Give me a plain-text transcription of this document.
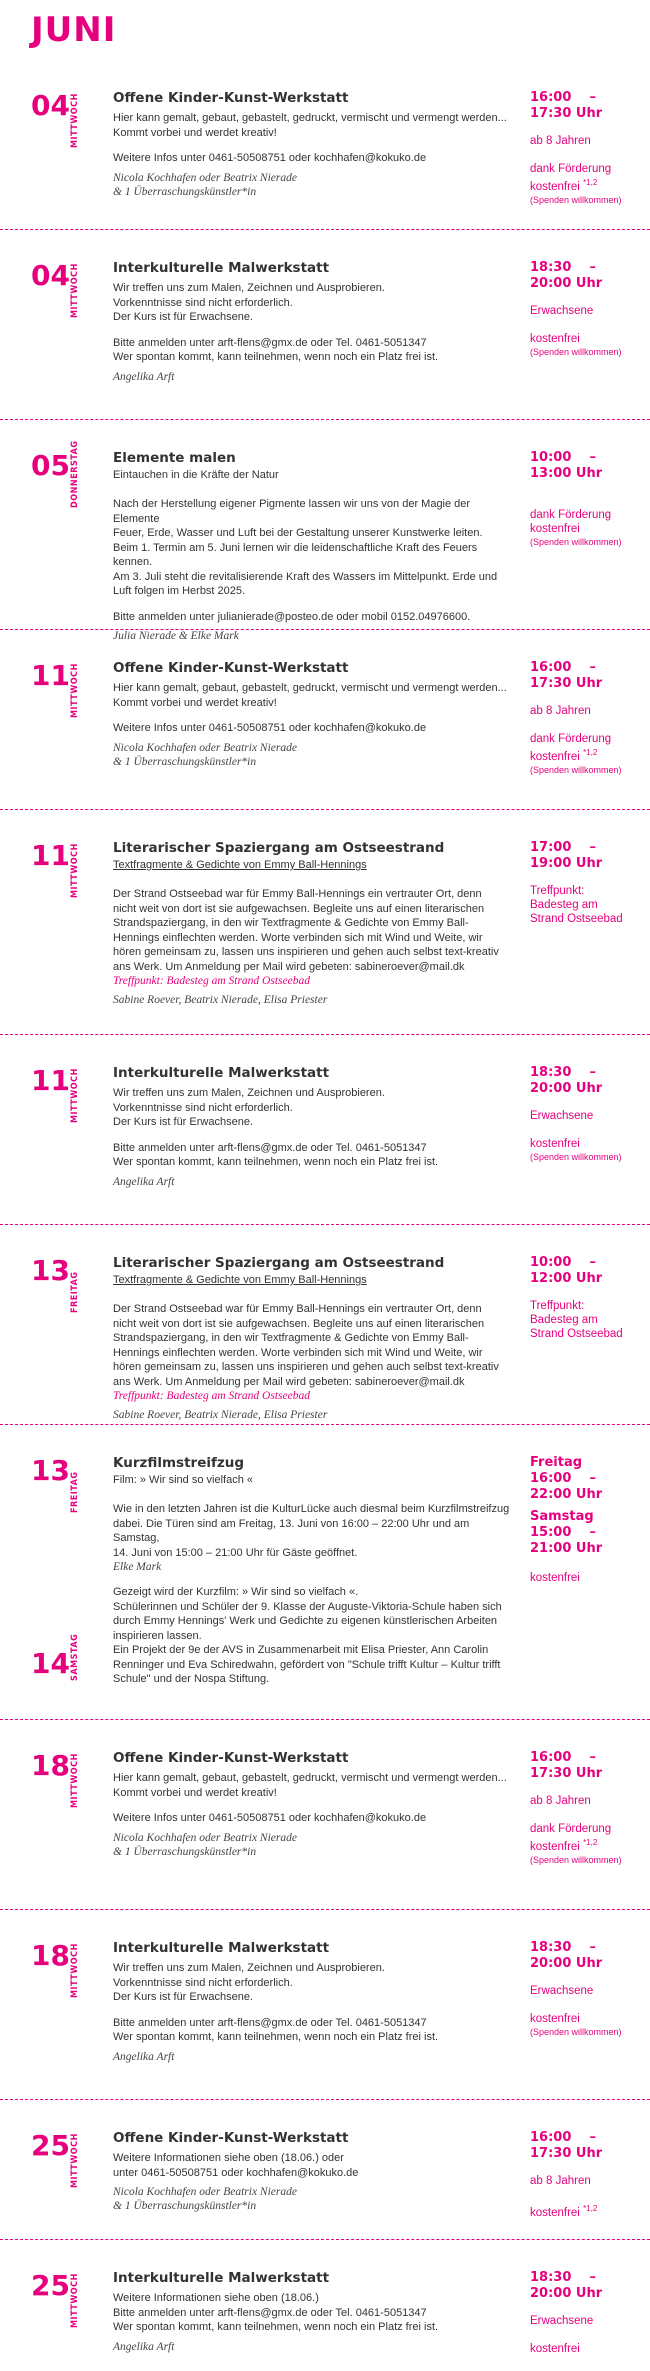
JUNI
04 MITTWOCH Offene Kinder-Kunst-Werkstatt
Hier kann gemalt, gebaut, gebastelt, gedruckt, vermischt und vermengt werden...
Kommt vorbei und werdet kreativ!
Weitere Infos unter 0461-50508751 oder kochhafen@kokuko.de
Nicola Kochhafen oder Beatrix Nierade
& 1 Überraschungskünstler*in
16:00    –
17:30 Uhr
ab 8 Jahren
dank Förderung
kostenfrei $^{*1,2}$
(Spenden willkommen)
04 MITTWOCH Interkulturelle Malwerkstatt
Wir treffen uns zum Malen, Zeichnen und Ausprobieren.
Vorkenntnisse sind nicht erforderlich.
Der Kurs ist für Erwachsene.
Bitte anmelden unter arft-flens@gmx.de oder Tel. 0461-5051347
Wer spontan kommt, kann teilnehmen, wenn noch ein Platz frei ist.
Angelika Arft
18:30    –
20:00 Uhr
Erwachsene
kostenfrei
(Spenden willkommen)
05 DONNERSTAG Elemente malen
Eintauchen in die Kräfte der Natur
Nach der Herstellung eigener Pigmente lassen wir uns von der Magie der Elemente
Feuer, Erde, Wasser und Luft bei der Gestaltung unserer Kunstwerke leiten.
Beim 1. Termin am 5. Juni lernen wir die leidenschaftliche Kraft des Feuers kennen.
Am 3. Juli steht die revitalisierende Kraft des Wassers im Mittelpunkt. Erde und
Luft folgen im Herbst 2025.
Bitte anmelden unter julianierade@posteo.de oder mobil 0152.04976600.
Julia Nierade & Elke Mark
10:00    –
13:00 Uhr
dank Förderung
kostenfrei
(Spenden willkommen)
11 MITTWOCH Offene Kinder-Kunst-Werkstatt
Hier kann gemalt, gebaut, gebastelt, gedruckt, vermischt und vermengt werden...
Kommt vorbei und werdet kreativ!
Weitere Infos unter 0461-50508751 oder kochhafen@kokuko.de
Nicola Kochhafen oder Beatrix Nierade
& 1 Überraschungskünstler*in
16:00    –
17:30 Uhr
ab 8 Jahren
dank Förderung
kostenfrei $^{*1,2}$
(Spenden willkommen)
11 MITTWOCH Literarischer Spaziergang am Ostseestrand
Textfragmente & Gedichte von Emmy Ball-Hennings
Der Strand Ostseebad war für Emmy Ball-Hennings ein vertrauter Ort, denn
nicht weit von dort ist sie aufgewachsen. Begleite uns auf einen literarischen
Strandspaziergang, in den wir Textfragmente & Gedichte von Emmy Ball-
Hennings einflechten werden. Worte verbinden sich mit Wind und Weite, wir
hören gemeinsam zu, lassen uns inspirieren und gehen auch selbst text-kreativ
ans Werk. Um Anmeldung per Mail wird gebeten: sabineroever@mail.dk
Treffpunkt: Badesteg am Strand Ostseebad
Sabine Roever, Beatrix Nierade, Elisa Priester
17:00    –
19:00 Uhr
Treffpunkt:
Badesteg am
Strand Ostseebad
11 MITTWOCH Interkulturelle Malwerkstatt
Wir treffen uns zum Malen, Zeichnen und Ausprobieren.
Vorkenntnisse sind nicht erforderlich.
Der Kurs ist für Erwachsene.
Bitte anmelden unter arft-flens@gmx.de oder Tel. 0461-5051347
Wer spontan kommt, kann teilnehmen, wenn noch ein Platz frei ist.
Angelika Arft
18:30    –
20:00 Uhr
Erwachsene
kostenfrei
(Spenden willkommen)
13
FREITAG
Literarischer Spaziergang am Ostseestrand
Textfragmente & Gedichte von Emmy Ball-Hennings
Der Strand Ostseebad war für Emmy Ball-Hennings ein vertrauter Ort, denn
nicht weit von dort ist sie aufgewachsen. Begleite uns auf einen literarischen
Strandspaziergang, in den wir Textfragmente & Gedichte von Emmy Ball-
Hennings einflechten werden. Worte verbinden sich mit Wind und Weite, wir
hören gemeinsam zu, lassen uns inspirieren und gehen auch selbst text-kreativ
ans Werk. Um Anmeldung per Mail wird gebeten: sabineroever@mail.dk
Treffpunkt: Badesteg am Strand Ostseebad
Sabine Roever, Beatrix Nierade, Elisa Priester
10:00    –
12:00 Uhr
Treffpunkt:
Badesteg am
Strand Ostseebad
13
FREITAG
14 SAMSTAG
Kurzfilmstreifzug
Film: » Wir sind so vielfach «
Wie in den letzten Jahren ist die KulturLücke auch diesmal beim Kurzfilmstreifzug
dabei. Die Türen sind am Freitag, 13. Juni von 16:00 – 22:00 Uhr und am Samstag,
14. Juni von 15:00 – 21:00 Uhr für Gäste geöffnet.
Elke Mark
Gezeigt wird der Kurzfilm: » Wir sind so vielfach «.
Schülerinnen und Schüler der 9. Klasse der Auguste-Viktoria-Schule haben sich
durch Emmy Hennings' Werk und Gedichte zu eigenen künstlerischen Arbeiten
inspirieren lassen.
Ein Projekt der 9e der AVS in Zusammenarbeit mit Elisa Priester, Ann Carolin
Renninger und Eva Schiredwahn, gefördert von "Schule trifft Kultur – Kultur trifft
Schule" und der Nospa Stiftung.
Freitag
16:00    –
22:00 Uhr
Samstag
15:00    –
21:00 Uhr
kostenfrei
18 MITTWOCH Offene Kinder-Kunst-Werkstatt
Hier kann gemalt, gebaut, gebastelt, gedruckt, vermischt und vermengt werden...
Kommt vorbei und werdet kreativ!
Weitere Infos unter 0461-50508751 oder kochhafen@kokuko.de
Nicola Kochhafen oder Beatrix Nierade
& 1 Überraschungskünstler*in
16:00    –
17:30 Uhr
ab 8 Jahren
dank Förderung
kostenfrei $^{*1,2}$
(Spenden willkommen)
18 MITTWOCH Interkulturelle Malwerkstatt
Wir treffen uns zum Malen, Zeichnen und Ausprobieren.
Vorkenntnisse sind nicht erforderlich.
Der Kurs ist für Erwachsene.
Bitte anmelden unter arft-flens@gmx.de oder Tel. 0461-5051347
Wer spontan kommt, kann teilnehmen, wenn noch ein Platz frei ist.
Angelika Arft
18:30    –
20:00 Uhr
Erwachsene
kostenfrei
(Spenden willkommen)
25 MITTWOCH Offene Kinder-Kunst-Werkstatt
Weitere Informationen siehe oben (18.06.) oder
unter 0461-50508751 oder kochhafen@kokuko.de
Nicola Kochhafen oder Beatrix Nierade
& 1 Überraschungskünstler*in
16:00    –
17:30 Uhr
ab 8 Jahren
kostenfrei $^{*1,2}$
25 MITTWOCH Interkulturelle Malwerkstatt
Weitere Informationen siehe oben (18.06.)
Bitte anmelden unter arft-flens@gmx.de oder Tel. 0461-5051347
Wer spontan kommt, kann teilnehmen, wenn noch ein Platz frei ist.
Angelika Arft
18:30    –
20:00 Uhr
Erwachsene
kostenfrei
